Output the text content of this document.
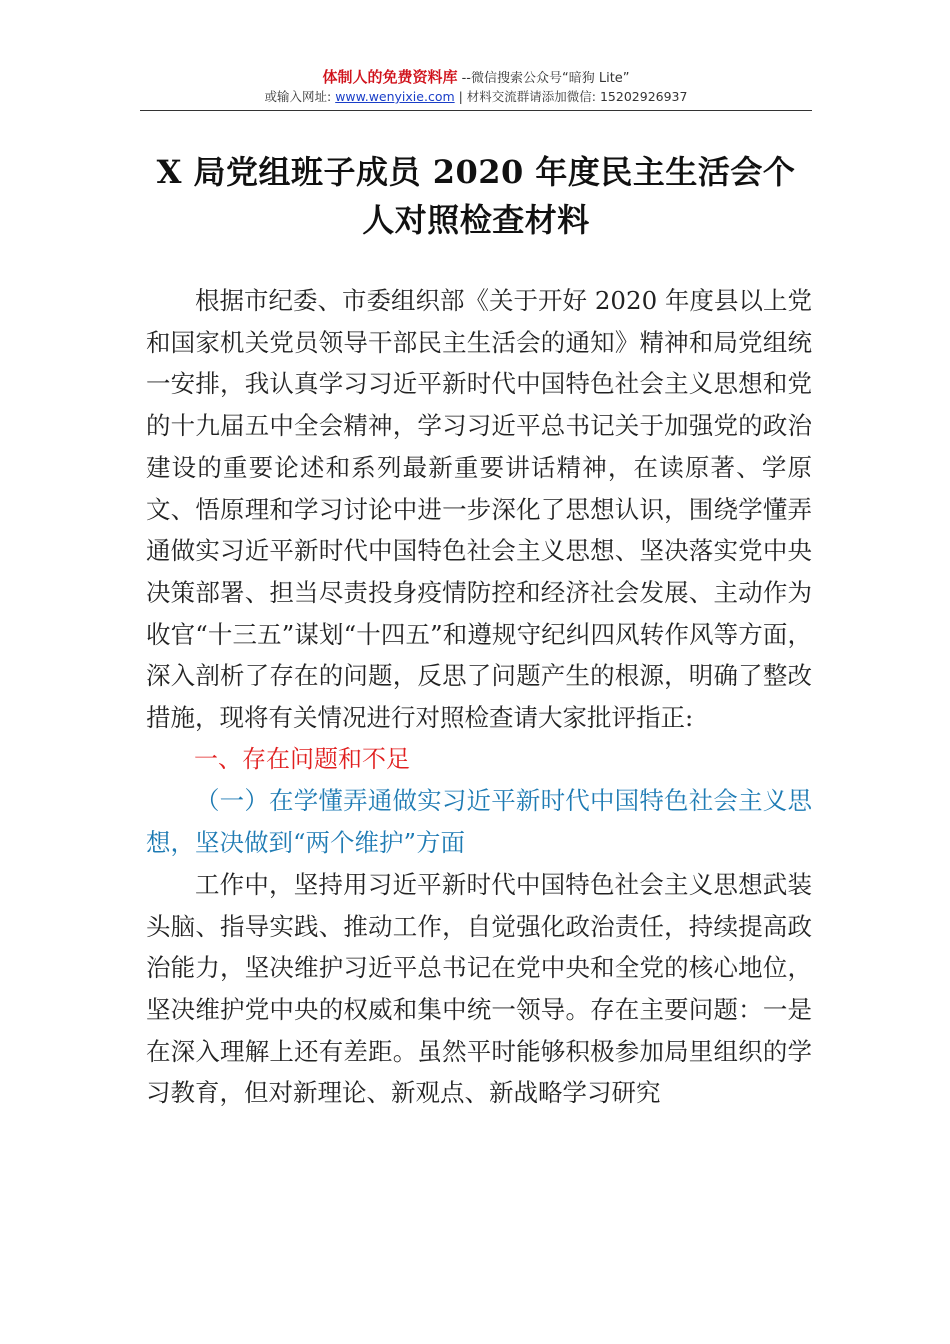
体制人的免费资料库 --微信搜索公众号“暗狗 Lite”
或输入网址: www.wenyixie.com | 材料交流群请添加微信: 15202926937
X 局党组班子成员 2020 年度民主生活会个
人对照检查材料

根据市纪委、市委组织部《关于开好 2020 年度县以上党和国家机关党员领导干部民主生活会的通知》精神和局党组统一安排，我认真学习习近平新时代中国特色社会主义思想和党的十九届五中全会精神，学习习近平总书记关于加强党的政治建设的重要论述和系列最新重要讲话精神，在读原著、学原文、悟原理和学习讨论中进一步深化了思想认识，围绕学懂弄通做实习近平新时代中国特色社会主义思想、坚决落实党中央决策部署、担当尽责投身疫情防控和经济社会发展、主动作为收官“十三五”谋划“十四五”和遵规守纪纠四风转作风等方面，深入剖析了存在的问题，反思了问题产生的根源，明确了整改措施，现将有关情况进行对照检查请大家批评指正:

一、存在问题和不足
（一）在学懂弄通做实习近平新时代中国特色社会主义思想，坚决做到“两个维护”方面

工作中，坚持用习近平新时代中国特色社会主义思想武装头脑、指导实践、推动工作，自觉强化政治责任，持续提高政治能力，坚决维护习近平总书记在党中央和全党的核心地位，坚决维护党中央的权威和集中统一领导。存在主要问题：一是在深入理解上还有差距。虽然平时能够积极参加局里组织的学习教育，但对新理论、新观点、新战略学习研究
